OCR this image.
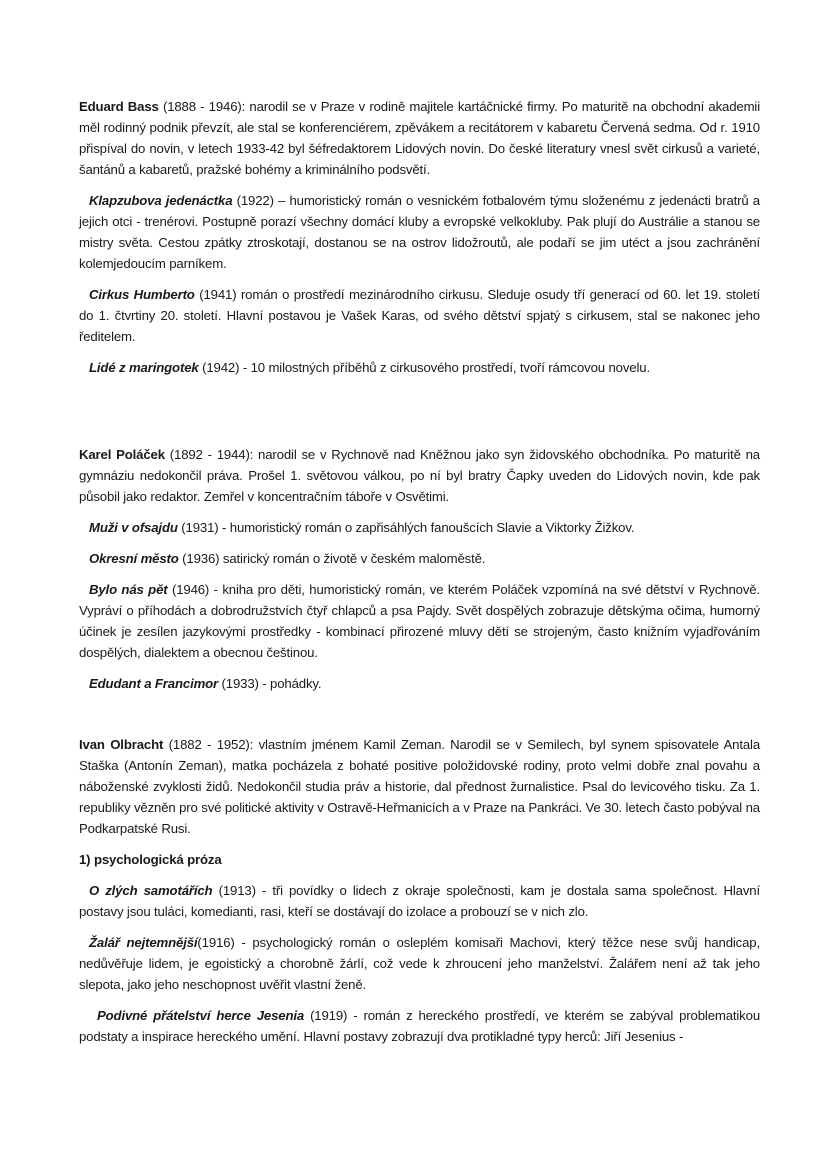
Eduard Bass (1888 - 1946): narodil se v Praze v rodině majitele kartáčnické firmy. Po maturitě na obchodní akademii měl rodinný podnik převzít, ale stal se konferenciérem, zpěvákem a recitátorem v kabaretu Červená sedma. Od r. 1910 přispíval do novin, v letech 1933-42 byl šéfredaktorem Lidových novin. Do české literatury vnesl svět cirkusů a varieté, šantánů a kabaretů, pražské bohémy a kriminálního podsvětí.

Klapzubova jedenáctka (1922) – humoristický román o vesnickém fotbalovém týmu složenému z jedenácti bratrů a jejich otci - trenérovi. Postupně porazí všechny domácí kluby a evropské velkokluby. Pak plují do Austrálie a stanou se mistry světa. Cestou zpátky ztroskotají, dostanou se na ostrov lidožroutů, ale podaří se jim utéct a jsou zachránění kolemjedoucím parníkem.

Cirkus Humberto (1941) román o prostředí mezinárodního cirkusu. Sleduje osudy tří generací od 60. let 19. století do 1. čtvrtiny 20. století. Hlavní postavou je Vašek Karas, od svého dětství spjatý s cirkusem, stal se nakonec jeho ředitelem.

Lidé z maringotek (1942) - 10 milostných příběhů z cirkusového prostředí, tvoří rámcovou novelu.

Karel Poláček (1892 - 1944): narodil se v Rychnově nad Kněžnou jako syn židovského obchodníka. Po maturitě na gymnáziu nedokončil práva. Prošel 1. světovou válkou, po ní byl bratry Čapky uveden do Lidových novin, kde pak působil jako redaktor. Zemřel v koncentračním táboře v Osvětimi.

Muži v ofsajdu (1931) - humoristický román o zapřisáhlých fanoušcích Slavie a Viktorky Žižkov.

Okresní město (1936) satirický román o životě v českém maloměstě.

Bylo nás pět (1946) - kniha pro děti, humoristický román, ve kterém Poláček vzpomíná na své dětství v Rychnově. Vypráví o příhodách a dobrodružstvích čtyř chlapců a psa Pajdy. Svět dospělých zobrazuje dětskýma očima, humorný účinek je zesílen jazykovými prostředky - kombinací přirozené mluvy dětí se strojeným, často knižním vyjadřováním dospělých, dialektem a obecnou češtinou.

Edudant a Francimor (1933) - pohádky.

Ivan Olbracht (1882 - 1952): vlastním jménem Kamil Zeman. Narodil se v Semilech, byl synem spisovatele Antala Staška (Antonín Zeman), matka pocházela z bohaté positive položidovské rodiny, proto velmi dobře znal povahu a náboženské zvyklosti židů. Nedokončil studia práv a historie, dal přednost žurnalistice. Psal do levicového tisku. Za 1. republiky vězněn pro své politické aktivity v Ostravě-Heřmanicích a v Praze na Pankráci. Ve 30. letech často pobýval na Podkarpatské Rusi.

1) psychologická próza

O zlých samotářích (1913) - tři povídky o lidech z okraje společnosti, kam je dostala sama společnost. Hlavní postavy jsou tuláci, komedianti, rasi, kteří se dostávají do izolace a probouzí se v nich zlo.

Žalář nejtemnější(1916) - psychologický román o osleplém komisaři Machovi, který těžce nese svůj handicap, nedůvěřuje lidem, je egoistický a chorobně žárlí, což vede k zhroucení jeho manželství. Žalářem není až tak jeho slepota, jako jeho neschopnost uvěřit vlastní ženě.

Podivné přátelství herce Jesenia (1919) - román z hereckého prostředí, ve kterém se zabýval problematikou podstaty a inspirace hereckého umění. Hlavní postavy zobrazují dva protikladné typy herců: Jiří Jesenius -
